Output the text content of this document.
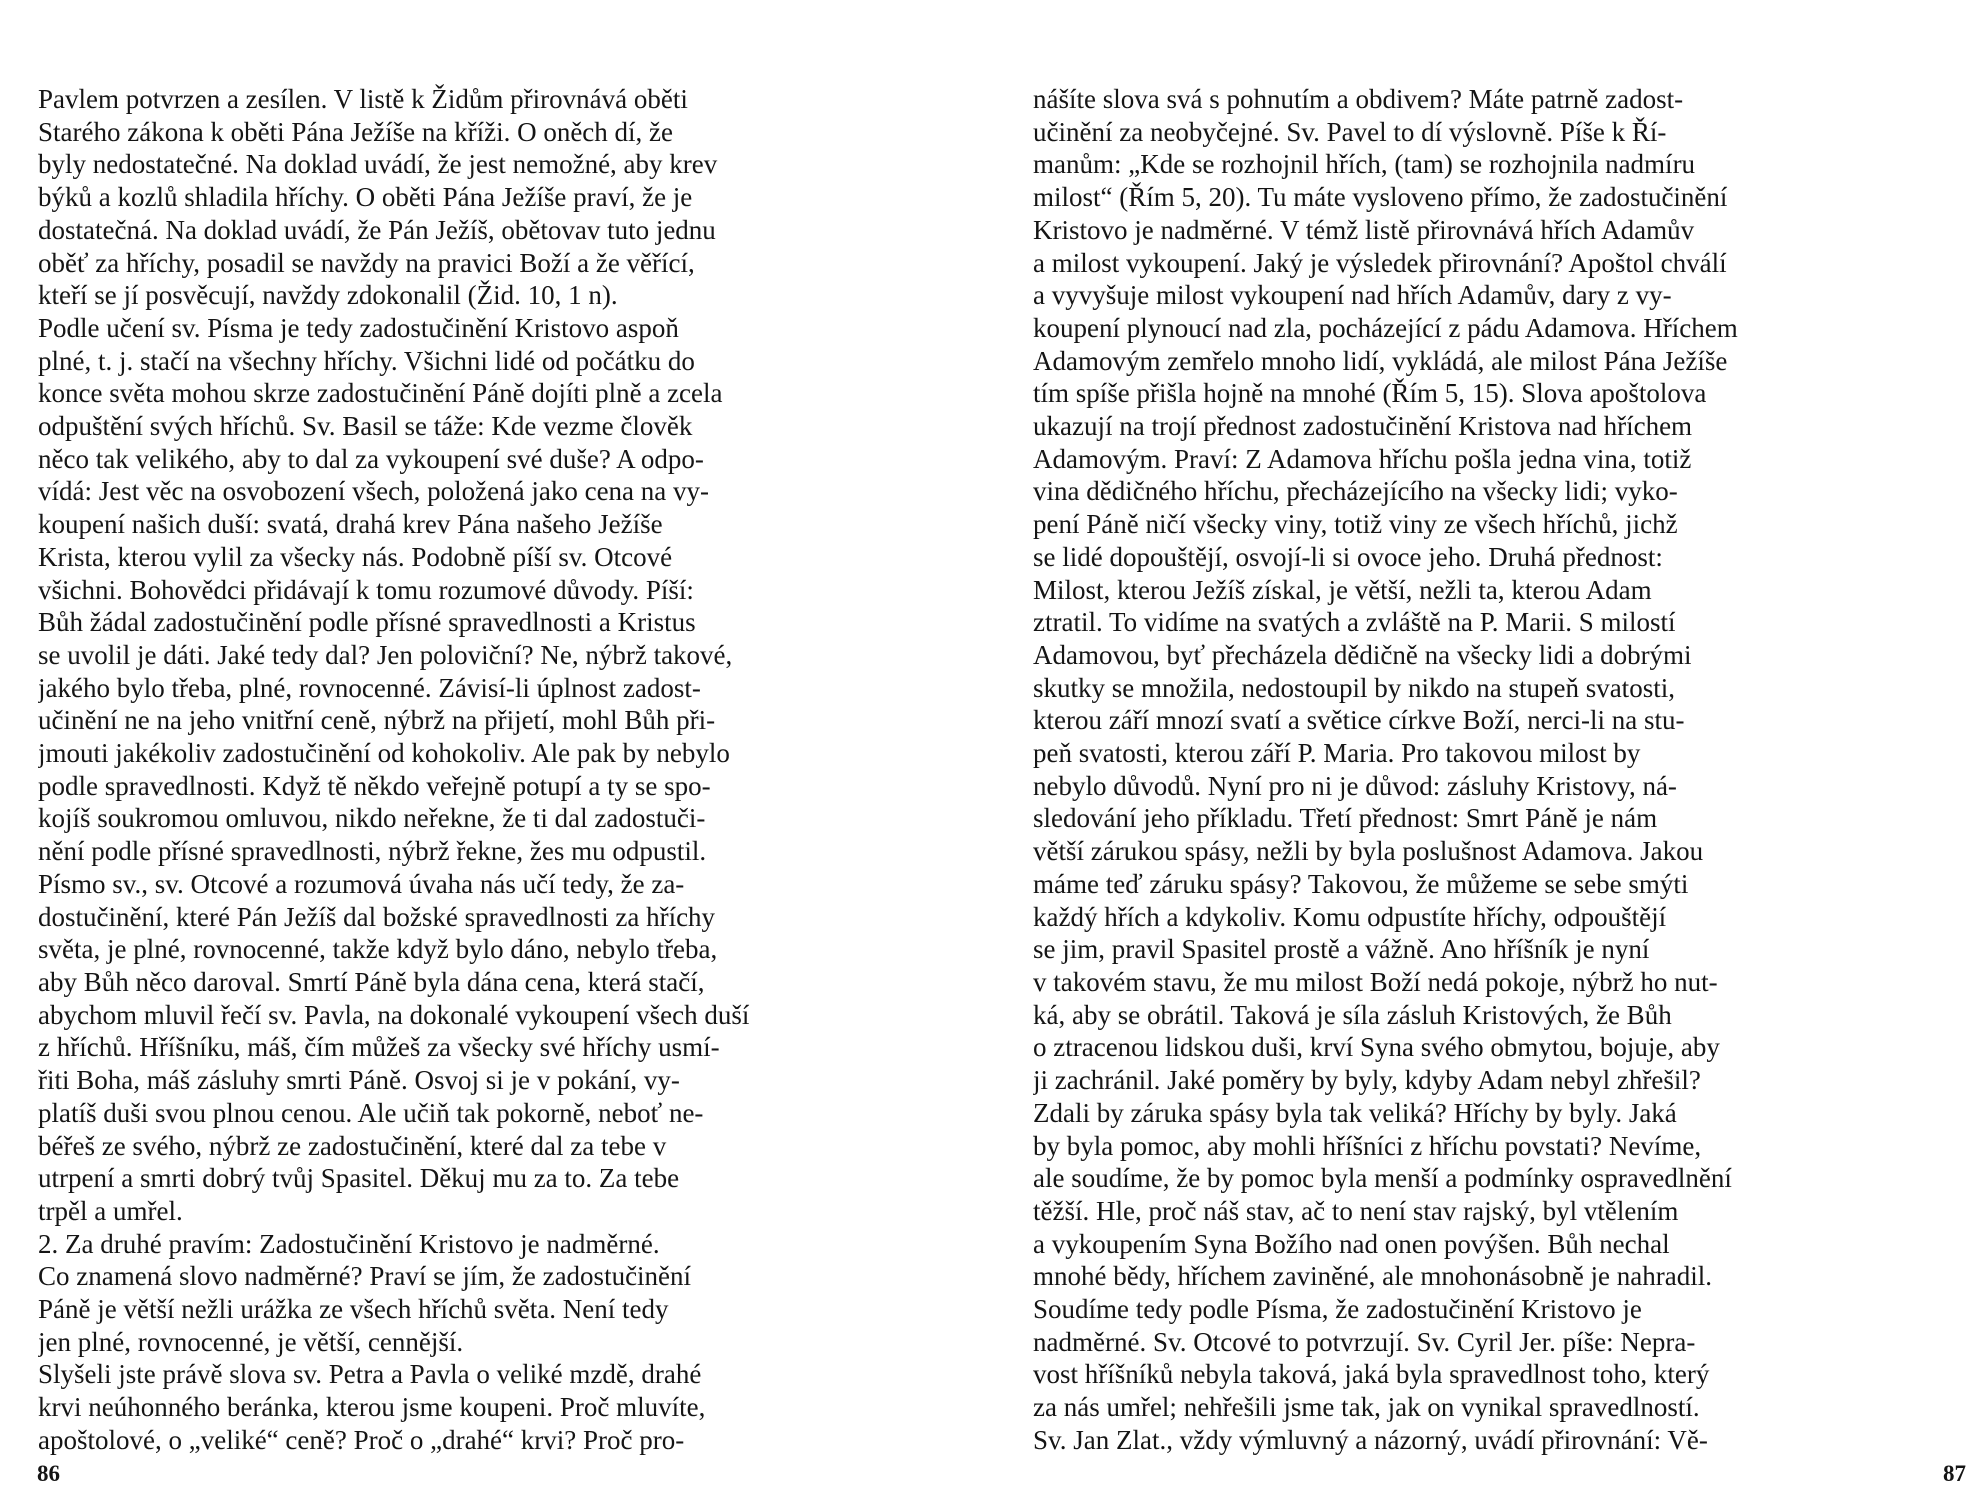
Pavlem potvrzen a zesílen. V listě k Židům přirovnává oběti
Starého zákona k oběti Pána Ježíše na kříži. O oněch dí, že
byly nedostatečné. Na doklad uvádí, že jest nemožné, aby krev
býků a kozlů shladila hříchy. O oběti Pána Ježíše praví, že je
dostatečná. Na doklad uvádí, že Pán Ježíš, obětovav tuto jednu
oběť za hříchy, posadil se navždy na pravici Boží a že věřící,
kteří se jí posvěcují, navždy zdokonalil (Žid. 10, 1 n).
Podle učení sv. Písma je tedy zadostučinění Kristovo aspoň
plné, t. j. stačí na všechny hříchy. Všichni lidé od počátku do
konce světa mohou skrze zadostučinění Páně dojíti plně a zcela
odpuštění svých hříchů. Sv. Basil se táže: Kde vezme člověk
něco tak velikého, aby to dal za vykoupení své duše? A odpo-
vídá: Jest věc na osvobození všech, položená jako cena na vy-
koupení našich duší: svatá, drahá krev Pána našeho Ježíše
Krista, kterou vylil za všecky nás. Podobně píší sv. Otcové
všichni. Bohovědci přidávají k tomu rozumové důvody. Píší:
Bůh žádal zadostučinění podle přísné spravedlnosti a Kristus
se uvolil je dáti. Jaké tedy dal? Jen poloviční? Ne, nýbrž takové,
jakého bylo třeba, plné, rovnocenné. Závisí-li úplnost zadost-
učinění ne na jeho vnitřní ceně, nýbrž na přijetí, mohl Bůh při-
jmouti jakékoliv zadostučinění od kohokoliv. Ale pak by nebylo
podle spravedlnosti. Když tě někdo veřejně potupí a ty se spo-
kojíš soukromou omluvou, nikdo neřekne, že ti dal zadostuči-
nění podle přísné spravedlnosti, nýbrž řekne, žes mu odpustil.
Písmo sv., sv. Otcové a rozumová úvaha nás učí tedy, že za-
dostučinění, které Pán Ježíš dal božské spravedlnosti za hříchy
světa, je plné, rovnocenné, takže když bylo dáno, nebylo třeba,
aby Bůh něco daroval. Smrtí Páně byla dána cena, která stačí,
abychom mluvil řečí sv. Pavla, na dokonalé vykoupení všech duší
z hříchů. Hříšníku, máš, čím můžeš za všecky své hříchy usmí-
řiti Boha, máš zásluhy smrti Páně. Osvoj si je v pokání, vy-
platíš duši svou plnou cenou. Ale učiň tak pokorně, neboť ne-
béřeš ze svého, nýbrž ze zadostučinění, které dal za tebe v
utrpení a smrti dobrý tvůj Spasitel. Děkuj mu za to. Za tebe
trpěl a umřel.
2. Za druhé pravím: Zadostučinění Kristovo je nadměrné.
Co znamená slovo nadměrné? Praví se jím, že zadostučinění
Páně je větší nežli urážka ze všech hříchů světa. Není tedy
jen plné, rovnocenné, je větší, cennější.
Slyšeli jste právě slova sv. Petra a Pavla o veliké mzdě, drahé
krvi neúhonného beránka, kterou jsme koupeni. Proč mluvíte,
apoštolové, o „veliké“ ceně? Proč o „drahé“ krvi? Proč pro-
86
nášíte slova svá s pohnutím a obdivem? Máte patrně zadost-
učinění za neobyčejné. Sv. Pavel to dí výslovně. Píše k Ří-
manům: „Kde se rozhojnil hřích, (tam) se rozhojnila nadmíru
milost“ (Řím 5, 20). Tu máte vysloveno přímo, že zadostučinění
Kristovo je nadměrné. V témž listě přirovnává hřích Adamův
a milost vykoupení. Jaký je výsledek přirovnání? Apoštol chválí
a vyvyšuje milost vykoupení nad hřích Adamův, dary z vy-
koupení plynoucí nad zla, pocházející z pádu Adamova. Hříchem
Adamovým zemřelo mnoho lidí, vykládá, ale milost Pána Ježíše
tím spíše přišla hojně na mnohé (Řím 5, 15). Slova apoštolova
ukazují na trojí přednost zadostučinění Kristova nad hříchem
Adamovým. Praví: Z Adamova hříchu pošla jedna vina, totiž
vina dědičného hříchu, přecházejícího na všecky lidi; vyko-
pení Páně ničí všecky viny, totiž viny ze všech hříchů, jichž
se lidé dopouštějí, osvojí-li si ovoce jeho. Druhá přednost:
Milost, kterou Ježíš získal, je větší, nežli ta, kterou Adam
ztratil. To vidíme na svatých a zvláště na P. Marii. S milostí
Adamovou, byť přecházela dědičně na všecky lidi a dobrými
skutky se množila, nedostoupil by nikdo na stupeň svatosti,
kterou září mnozí svatí a světice církve Boží, nerci-li na stu-
peň svatosti, kterou září P. Maria. Pro takovou milost by
nebylo důvodů. Nyní pro ni je důvod: zásluhy Kristovy, ná-
sledování jeho příkladu. Třetí přednost: Smrt Páně je nám
větší zárukou spásy, nežli by byla poslušnost Adamova. Jakou
máme teď záruku spásy? Takovou, že můžeme se sebe smýti
každý hřích a kdykoliv. Komu odpustíte hříchy, odpouštějí
se jim, pravil Spasitel prostě a vážně. Ano hříšník je nyní
v takovém stavu, že mu milost Boží nedá pokoje, nýbrž ho nut-
ká, aby se obrátil. Taková je síla zásluh Kristových, že Bůh
o ztracenou lidskou duši, krví Syna svého obmytou, bojuje, aby
ji zachránil. Jaké poměry by byly, kdyby Adam nebyl zhřešil?
Zdali by záruka spásy byla tak veliká? Hříchy by byly. Jaká
by byla pomoc, aby mohli hříšníci z hříchu povstati? Nevíme,
ale soudíme, že by pomoc byla menší a podmínky ospravedlnění
těžší. Hle, proč náš stav, ač to není stav rajský, byl vtělením
a vykoupením Syna Božího nad onen povýšen. Bůh nechal
mnohé bědy, hříchem zaviněné, ale mnohonásobně je nahradil.
Soudíme tedy podle Písma, že zadostučinění Kristovo je
nadměrné. Sv. Otcové to potvrzují. Sv. Cyril Jer. píše: Nepra-
vost hříšníků nebyla taková, jaká byla spravedlnost toho, který
za nás umřel; nehřešili jsme tak, jak on vynikal spravedlností.
Sv. Jan Zlat., vždy výmluvný a názorný, uvádí přirovnání: Vě-
87
